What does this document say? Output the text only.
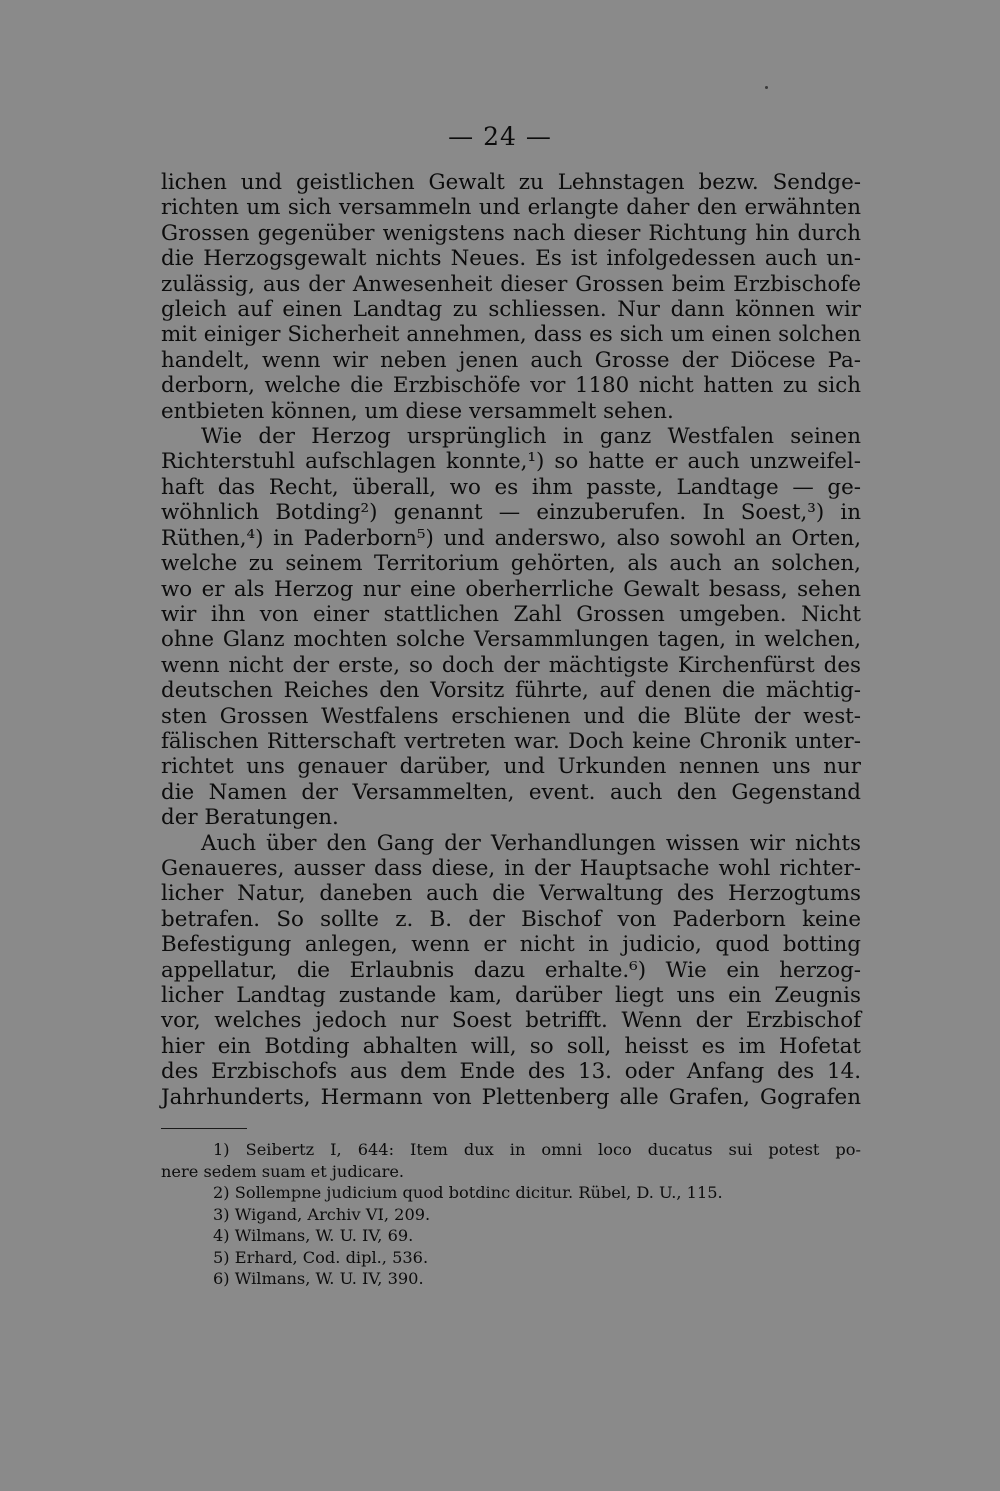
— 24 —
lichen und geistlichen Gewalt zu Lehnstagen bezw. Sendge-
richten um sich versammeln und erlangte daher den erwähnten
Grossen gegenüber wenigstens nach dieser Richtung hin durch
die Herzogsgewalt nichts Neues. Es ist infolgedessen auch un-
zulässig, aus der Anwesenheit dieser Grossen beim Erzbischofe
gleich auf einen Landtag zu schliessen. Nur dann können wir
mit einiger Sicherheit annehmen, dass es sich um einen solchen
handelt, wenn wir neben jenen auch Grosse der Diöcese Pa-
derborn, welche die Erzbischöfe vor 1180 nicht hatten zu sich
entbieten können, um diese versammelt sehen.
Wie der Herzog ursprünglich in ganz Westfalen seinen
Richterstuhl aufschlagen konnte,¹) so hatte er auch unzweifel-
haft das Recht, überall, wo es ihm passte, Landtage — ge-
wöhnlich Botding²) genannt — einzuberufen. In Soest,³) in
Rüthen,⁴) in Paderborn⁵) und anderswo, also sowohl an Orten,
welche zu seinem Territorium gehörten, als auch an solchen,
wo er als Herzog nur eine oberherrliche Gewalt besass, sehen
wir ihn von einer stattlichen Zahl Grossen umgeben. Nicht
ohne Glanz mochten solche Versammlungen tagen, in welchen,
wenn nicht der erste, so doch der mächtigste Kirchenfürst des
deutschen Reiches den Vorsitz führte, auf denen die mächtig-
sten Grossen Westfalens erschienen und die Blüte der west-
fälischen Ritterschaft vertreten war. Doch keine Chronik unter-
richtet uns genauer darüber, und Urkunden nennen uns nur
die Namen der Versammelten, event. auch den Gegenstand
der Beratungen.
Auch über den Gang der Verhandlungen wissen wir nichts
Genaueres, ausser dass diese, in der Hauptsache wohl richter-
licher Natur, daneben auch die Verwaltung des Herzogtums
betrafen. So sollte z. B. der Bischof von Paderborn keine
Befestigung anlegen, wenn er nicht in judicio, quod botting
appellatur, die Erlaubnis dazu erhalte.⁶) Wie ein herzog-
licher Landtag zustande kam, darüber liegt uns ein Zeugnis
vor, welches jedoch nur Soest betrifft. Wenn der Erzbischof
hier ein Botding abhalten will, so soll, heisst es im Hofetat
des Erzbischofs aus dem Ende des 13. oder Anfang des 14.
Jahrhunderts, Hermann von Plettenberg alle Grafen, Gografen
1) Seibertz I, 644: Item dux in omni loco ducatus sui potest po-
nere sedem suam et judicare.
2) Sollempne judicium quod botdinc dicitur. Rübel, D. U., 115.
3) Wigand, Archiv VI, 209.
4) Wilmans, W. U. IV, 69.
5) Erhard, Cod. dipl., 536.
6) Wilmans, W. U. IV, 390.
